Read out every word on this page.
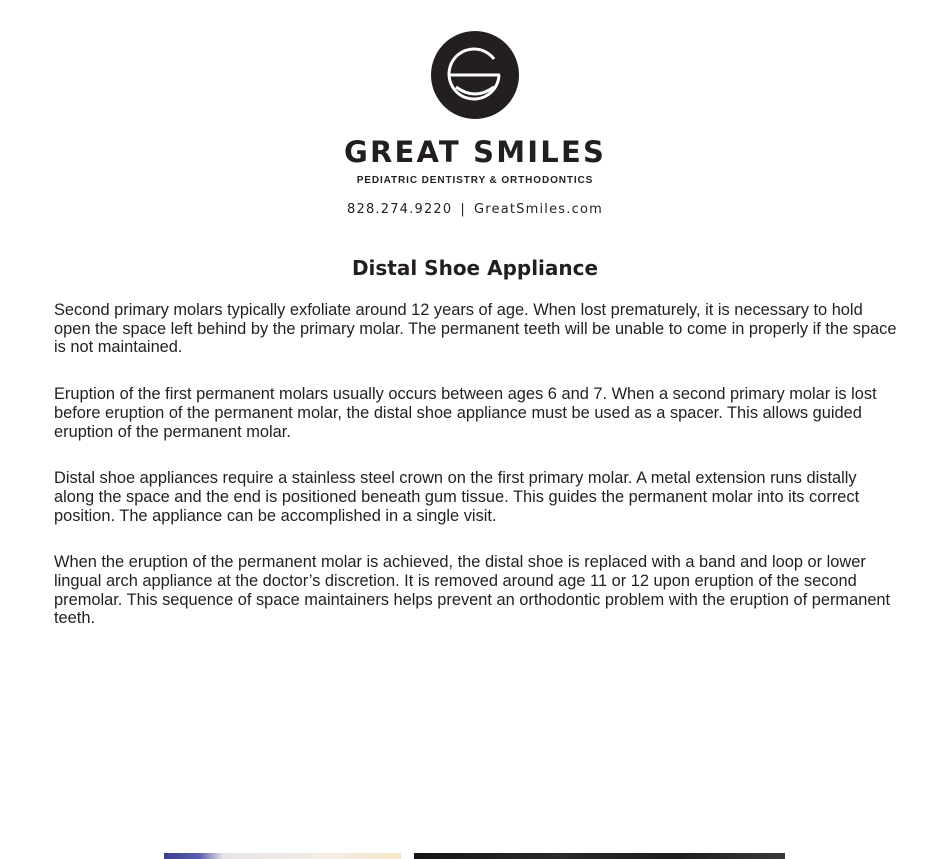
GREAT SMILES
PEDIATRIC DENTISTRY & ORTHODONTICS
828.274.9220 | GreatSmiles.com
Distal Shoe Appliance

Second primary molars typically exfoliate around 12 years of age. When lost prematurely, it is necessary to hold open the space left behind by the primary molar. The permanent teeth will be unable to come in properly if the space is not maintained.

Eruption of the first permanent molars usually occurs between ages 6 and 7. When a second primary molar is lost before eruption of the permanent molar, the distal shoe appliance must be used as a spacer. This allows guided eruption of the permanent molar.

Distal shoe appliances require a stainless steel crown on the first primary molar. A metal extension runs distally along the space and the end is positioned beneath gum tissue. This guides the permanent molar into its correct position. The appliance can be accomplished in a single visit.

When the eruption of the permanent molar is achieved, the distal shoe is replaced with a band and loop or lower lingual arch appliance at the doctor’s discretion. It is removed around age 11 or 12 upon eruption of the second premolar. This sequence of space maintainers helps prevent an orthodontic problem with the eruption of permanent teeth.
